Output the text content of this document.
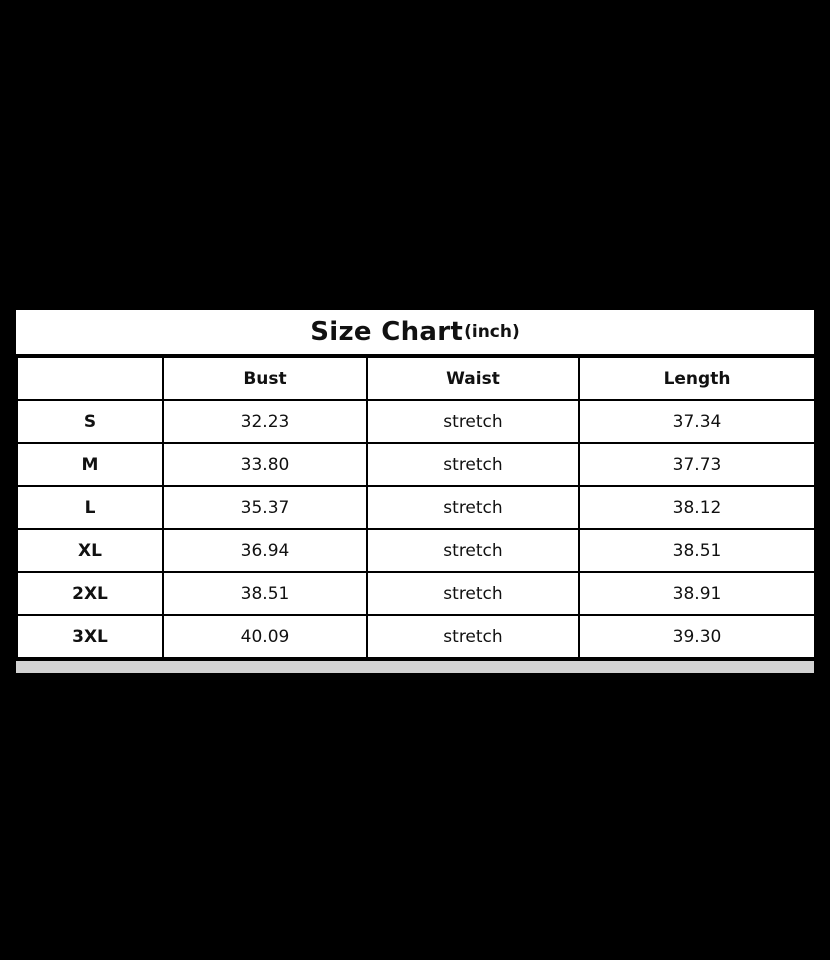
Size Chart (inch)
	Bust	Waist	Length
S	32.23	stretch	37.34
M	33.80	stretch	37.73
L	35.37	stretch	38.12
XL	36.94	stretch	38.51
2XL	38.51	stretch	38.91
3XL	40.09	stretch	39.30
